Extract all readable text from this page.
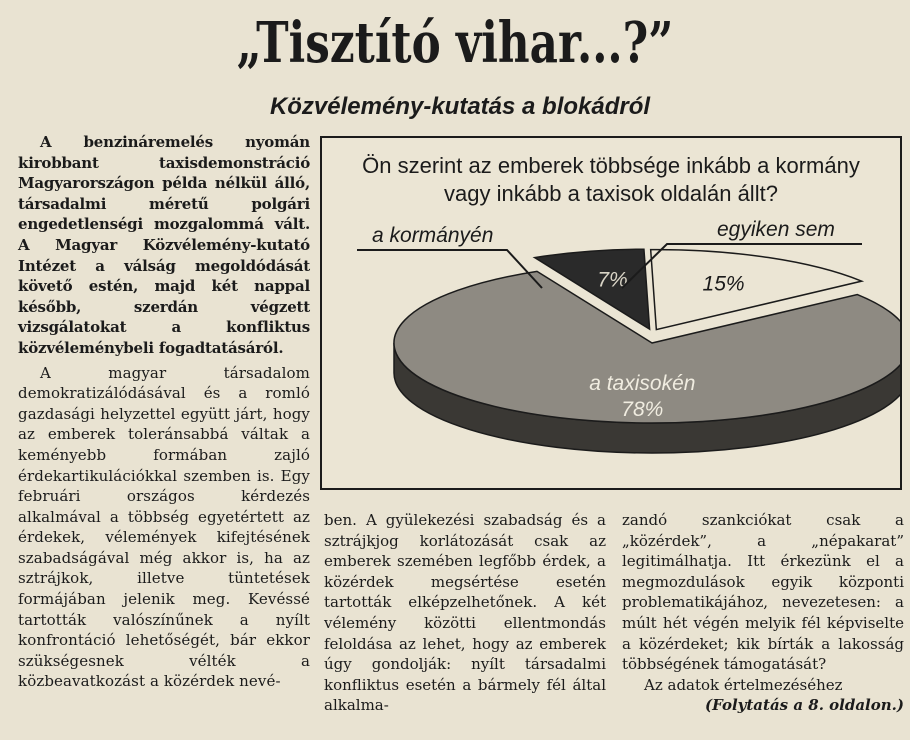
„Tisztító vihar...?”
Közvélemény-kutatás a blokádról

A benzináremelés nyomán kirobbant taxisdemonstráció Magyarországon példa nélkül álló, társadalmi méretű polgári engedetlenségi mozgalommá vált. A Magyar Közvélemény-kutató Intézet a válság megoldódását követő estén, majd két nappal később, szerdán végzett vizsgálatokat a konfliktus közvéleménybeli fogadtatásáról.

A magyar társadalom demokratizálódásával és a romló gazdasági helyzettel együtt járt, hogy az emberek toleránsabbá váltak a keményebb formában zajló érdekartikulációkkal szemben is. Egy februári országos kérdezés alkalmával a többség egyetértett az érdekek, vélemények kifejtésének szabadságával még akkor is, ha az sztrájkok, illetve tüntetések formájában jelenik meg. Kevéssé tartották valószínűnek a nyílt konfrontáció lehetőségét, bár ekkor szükségesnek vélték a közbeavatkozást a közérdek nevé-

Ön szerint az emberek többsége inkább a kormány
vagy inkább a taxisok oldalán állt?
7%	15%
78%
a taxisokén
a kormányén	egyiken sem

ben. A gyülekezési szabadság és a sztrájkjog korlátozását csak az emberek szemében legfőbb érdek, a közérdek megsértése esetén tartották elképzelhetőnek. A két vélemény közötti ellentmondás feloldása az lehet, hogy az emberek úgy gondolják: nyílt társadalmi konfliktus esetén a bármely fél által alkalma-

zandó szankciókat csak a „közérdek”, a „népakarat” legitimálhatja. Itt érkezünk el a megmozdulások egyik központi problematikájához, nevezetesen: a múlt hét végén melyik fél képviselte a közérdeket; kik bírták a lakosság többségének támogatását?

Az adatok értelmezéséhez

(Folytatás a 8. oldalon.)
